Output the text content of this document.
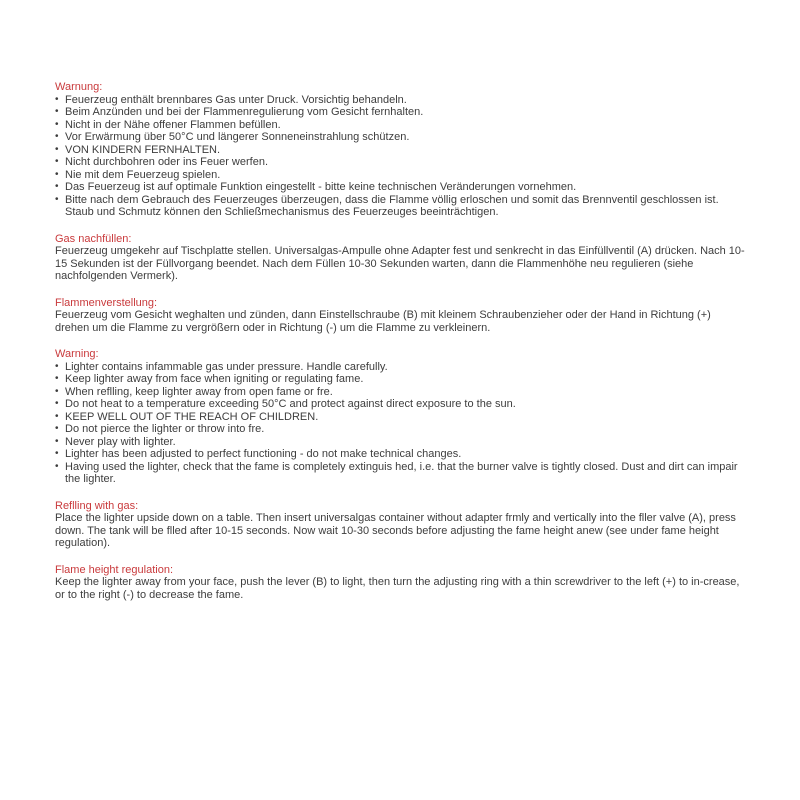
Warnung:
• Feuerzeug enthält brennbares Gas unter Druck. Vorsichtig behandeln.
• Beim Anzünden und bei der Flammenregulierung vom Gesicht fernhalten.
• Nicht in der Nähe offener Flammen befüllen.
• Vor Erwärmung über 50°C und längerer Sonneneinstrahlung schützen.
• VON KINDERN FERNHALTEN.
• Nicht durchbohren oder ins Feuer werfen.
• Nie mit dem Feuerzeug spielen.
• Das Feuerzeug ist auf optimale Funktion eingestellt - bitte keine technischen Veränderungen vornehmen.
• Bitte nach dem Gebrauch des Feuerzeuges überzeugen, dass die Flamme völlig erloschen und somit das Brennventil geschlossen ist. Staub und Schmutz können den Schließmechanismus des Feuerzeuges beeinträchtigen.
Gas nachfüllen:
Feuerzeug umgekehr auf Tischplatte stellen. Universalgas-Ampulle ohne Adapter fest und senkrecht in das Einfüllventil (A) drücken. Nach 10-15 Sekunden ist der Füllvorgang beendet. Nach dem Füllen 10-30 Sekunden warten, dann die Flammenhöhe neu regulieren (siehe nachfolgenden Vermerk).
Flammenverstellung:
Feuerzeug vom Gesicht weghalten und zünden, dann Einstellschraube (B) mit kleinem Schraubenzieher oder der Hand in Richtung (+) drehen um die Flamme zu vergrößern oder in Richtung (-) um die Flamme zu verkleinern.
Warning:
• Lighter contains infammable gas under pressure. Handle carefully.
• Keep lighter away from face when igniting or regulating fame.
• When reflling, keep lighter away from open fame or fre.
• Do not heat to a temperature exceeding 50°C and protect against direct exposure to the sun.
• KEEP WELL OUT OF THE REACH OF CHILDREN.
• Do not pierce the lighter or throw into fre.
• Never play with lighter.
• Lighter has been adjusted to perfect functioning - do not make technical changes.
• Having used the lighter, check that the fame is completely extinguis hed, i.e. that the burner valve is tightly closed. Dust and dirt can impair the lighter.
Reflling with gas:
Place the lighter upside down on a table. Then insert universalgas container without adapter frmly and vertically into the fller valve (A), press down. The tank will be flled after 10-15 seconds. Now wait 10-30 seconds before adjusting the fame height anew (see under fame height regulation).
Flame height regulation:
Keep the lighter away from your face, push the lever (B) to light, then turn the adjusting ring with a thin screwdriver to the left (+) to in-crease, or to the right (-) to decrease the fame.
